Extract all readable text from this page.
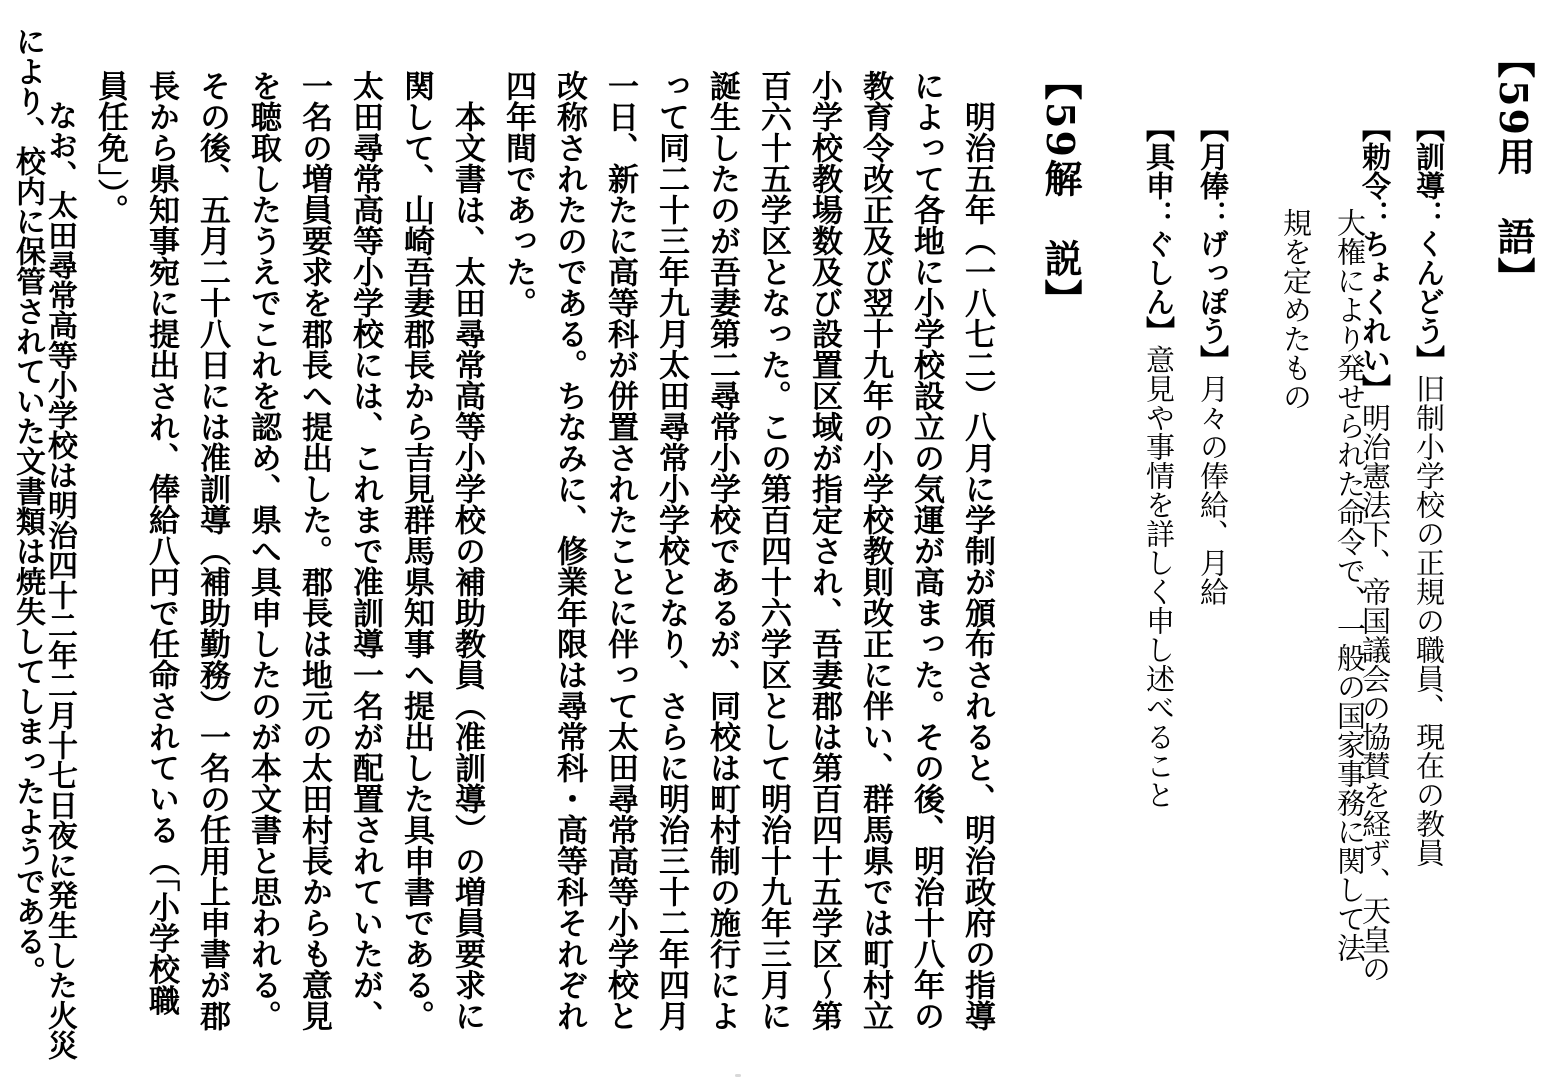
【59用　語】

【訓導：くんどう】旧制小学校の正規の職員、現在の教員

【勅令：ちょくれい】明治憲法下、帝国議会の協賛を経ず、天皇の

大権により発せられた命令で、一般の国家事務に関して法
規を定めたもの

【月俸：げっぽう】月々の俸給、月給

【具申：ぐしん】意見や事情を詳しく申し述べること

【59解　説】
　明治五年（一八七二）八月に学制が頒布されると、明治政府の指導
によって各地に小学校設立の気運が高まった。その後、明治十八年の
教育令改正及び翌十九年の小学校教則改正に伴い、群馬県では町村立
小学校教場数及び設置区域が指定され、吾妻郡は第百四十五学区～第
百六十五学区となった。この第百四十六学区として明治十九年三月に
誕生したのが吾妻第二尋常小学校であるが、同校は町村制の施行によ
って同二十三年九月太田尋常小学校となり、さらに明治三十二年四月
一日、新たに高等科が併置されたことに伴って太田尋常高等小学校と
改称されたのである。ちなみに、修業年限は尋常科・高等科それぞれ
四年間であった。
　本文書は、太田尋常高等小学校の補助教員（准訓導）の増員要求に
関して、山崎吾妻郡長から吉見群馬県知事へ提出した具申書である。
太田尋常高等小学校には、これまで准訓導一名が配置されていたが、
一名の増員要求を郡長へ提出した。郡長は地元の太田村長からも意見
を聴取したうえでこれを認め、県へ具申したのが本文書と思われる。
その後、五月二十八日には准訓導（補助勤務）一名の任用上申書が郡
長から県知事宛に提出され、俸給八円で任命されている（「小学校職
員任免」）。
　なお、太田尋常高等小学校は明治四十二年二月十七日夜に発生した火災
により、校内に保管されていた文書類は焼失してしまったようである。
